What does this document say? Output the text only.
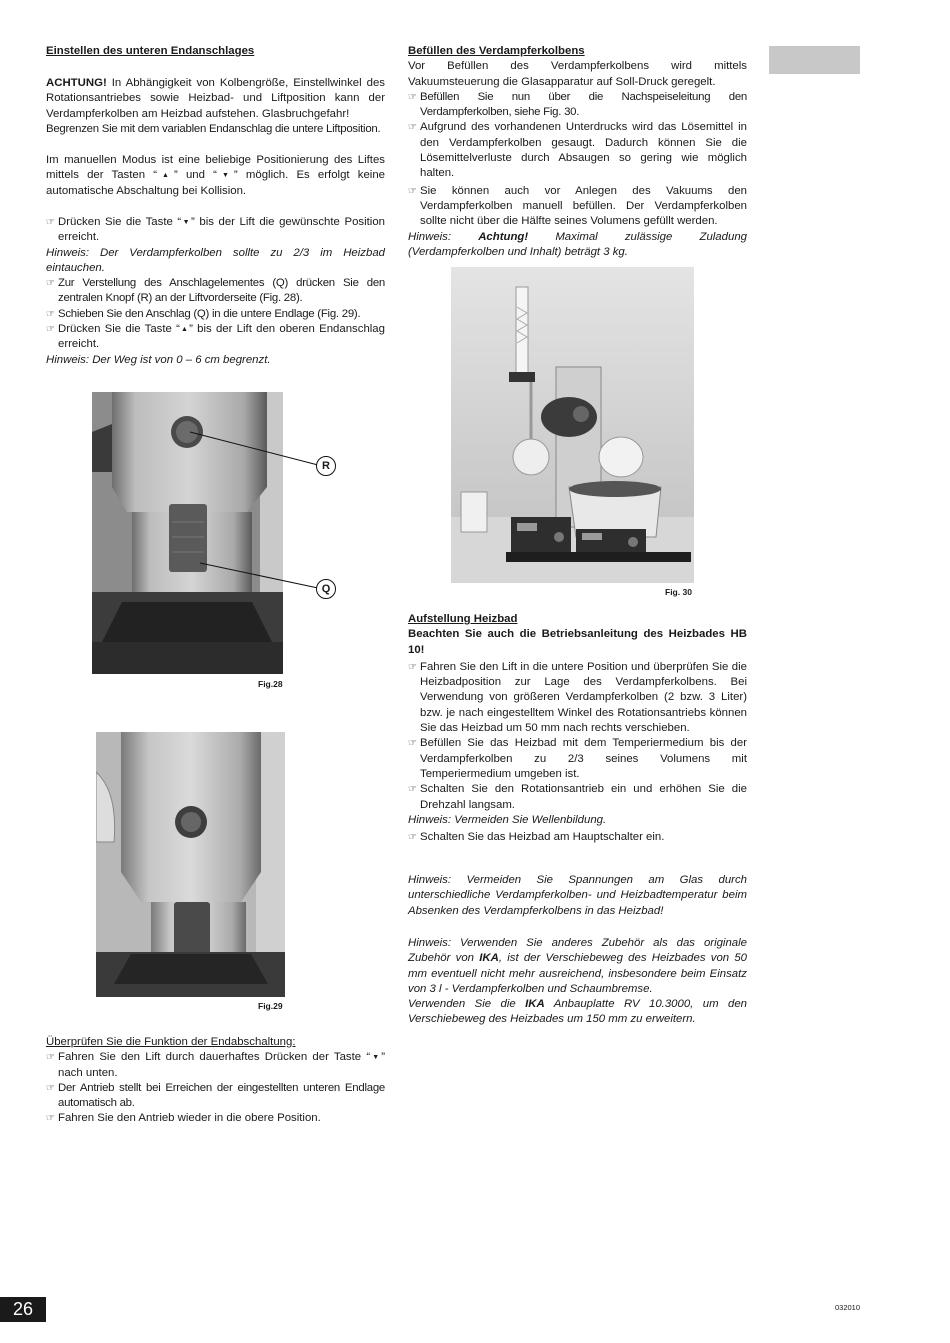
Einstellen des unteren Endanschlages

ACHTUNG! In Abhängigkeit von Kolbengröße, Einstellwinkel des Rotationsantriebes sowie Heizbad- und Liftposition kann der Verdampferkolben am Heizbad aufstehen. Glasbruchgefahr!

Begrenzen Sie mit dem variablen Endanschlag die untere Liftposition.

Im manuellen Modus ist eine beliebige Positionierung des Liftes mittels der Tasten “▲” und “▼” möglich. Es erfolgt keine automatische Abschaltung bei Kollision.

☞ Drücken Sie die Taste “▼” bis der Lift die gewünschte Position erreicht.

Hinweis: Der Verdampferkolben sollte zu 2/3 im Heizbad eintauchen.

☞ Zur Verstellung des Anschlagelementes (Q) drücken Sie den zentralen Knopf (R) an der Liftvorderseite (Fig. 28).
☞ Schieben Sie den Anschlag (Q) in die untere Endlage (Fig. 29).
☞ Drücken Sie die Taste “▲” bis der Lift den oberen Endanschlag erreicht.

Hinweis: Der Weg ist von 0 – 6 cm begrenzt.

Überprüfen Sie die Funktion der Endabschaltung:

☞ Fahren Sie den Lift durch dauerhaftes Drücken der Taste “▼” nach unten.
☞ Der Antrieb stellt bei Erreichen der eingestellten unteren Endlage automatisch ab.
☞ Fahren Sie den Antrieb wieder in die obere Position.
R
Q
Fig.28
Fig.29

Befüllen des Verdampferkolbens

Vor Befüllen des Verdampferkolbens wird mittels Vakuumsteuerung die Glasapparatur auf Soll-Druck geregelt.

☞ Befüllen Sie nun über die Nachspeiseleitung den Verdampferkolben, siehe Fig. 30.
☞ Aufgrund des vorhandenen Unterdrucks wird das Lösemittel in den Verdampferkolben gesaugt. Dadurch können Sie die Lösemittelverluste durch Absaugen so gering wie möglich halten.
☞ Sie können auch vor Anlegen des Vakuums den Verdampferkolben manuell befüllen. Der Verdampferkolben sollte nicht über die Hälfte seines Volumens gefüllt werden.

Hinweis: Achtung! Maximal zulässige Zuladung (Verdampferkolben und Inhalt) beträgt 3 kg.

Aufstellung Heizbad

Beachten Sie auch die Betriebsanleitung des Heizbades HB 10!

☞ Fahren Sie den Lift in die untere Position und überprüfen Sie die Heizbadposition zur Lage des Verdampferkolbens. Bei Verwendung von größeren Verdampferkolben (2 bzw. 3 Liter) bzw. je nach eingestelltem Winkel des Rotationsantriebs können Sie das Heizbad um 50 mm nach rechts verschieben.
☞ Befüllen Sie das Heizbad mit dem Temperiermedium bis der Verdampferkolben zu 2/3 seines Volumens mit Temperiermedium umgeben ist.
☞ Schalten Sie den Rotationsantrieb ein und erhöhen Sie die Drehzahl langsam.

Hinweis: Vermeiden Sie Wellenbildung.

☞ Schalten Sie das Heizbad am Hauptschalter ein.

Hinweis: Vermeiden Sie Spannungen am Glas durch unterschiedliche Verdampferkolben- und Heizbadtemperatur beim Absenken des Verdampferkolbens in das Heizbad!

Hinweis: Verwenden Sie anderes Zubehör als das originale Zubehör von IKA, ist der Verschiebeweg des Heizbades von 50 mm eventuell nicht mehr ausreichend, insbesondere beim Einsatz von 3 l - Verdampferkolben und Schaumbremse.

Verwenden Sie die IKA Anbauplatte RV 10.3000, um den Verschiebeweg des Heizbades um 150 mm zu erweitern.

Fig. 30
26	032010
